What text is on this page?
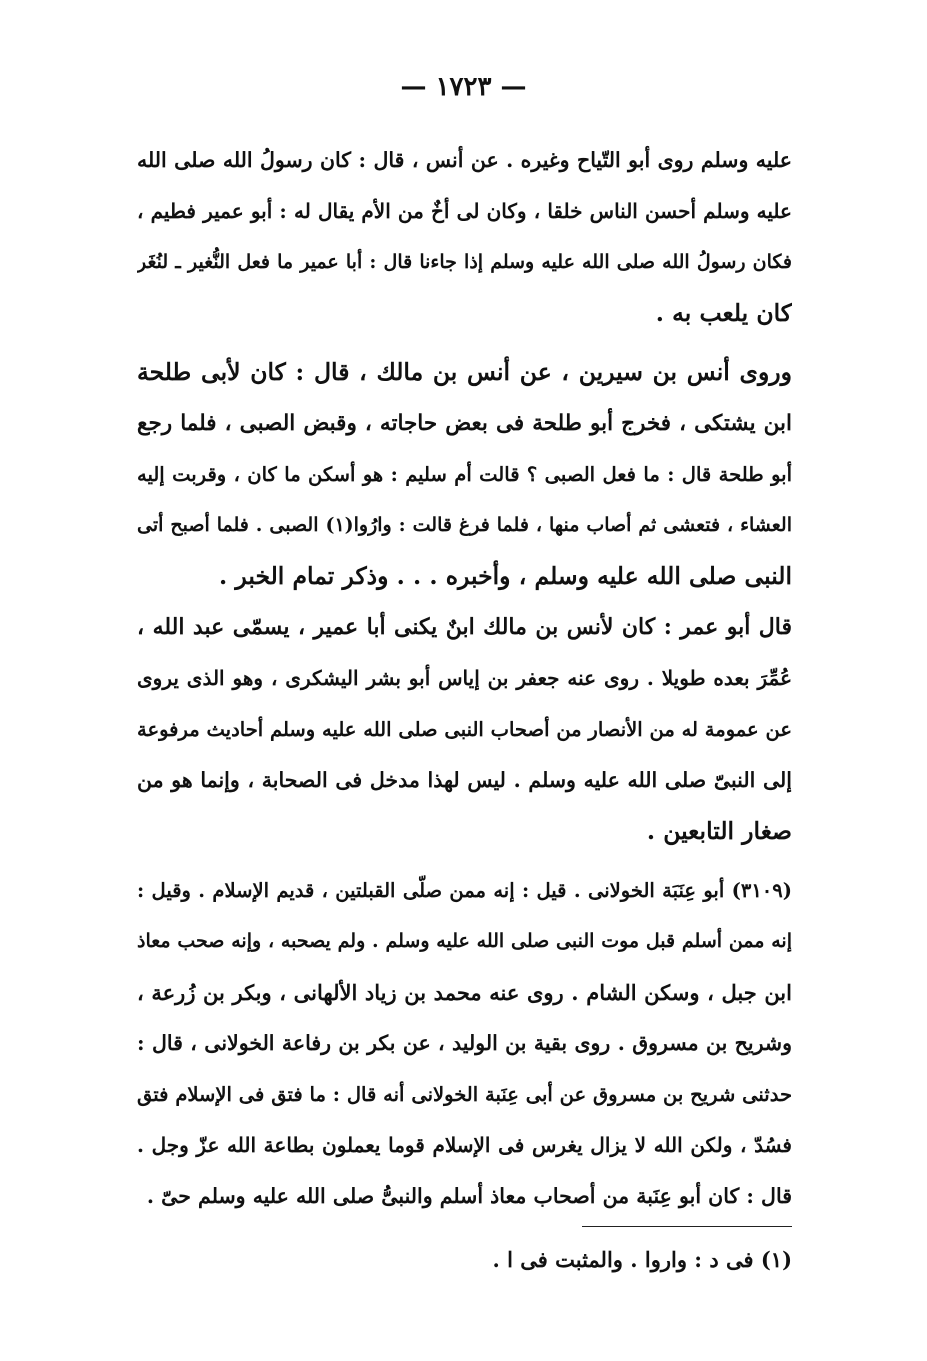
— ١٧٢٣ —
عليه وسلم روى أبو التّياح وغيره . عن أنس ، قال : كان رسولُ الله صلى الله
عليه وسلم أحسن الناس خلقا ، وكان لى أخٌ من الأم يقال له : أبو عمير فطيم ،
فكان رسولُ الله صلى الله عليه وسلم إذا جاءنا قال : أبا عمير ما فعل النُّغير ـ لنُغَر
كان يلعب به .
وروى أنس بن سيرين ، عن أنس بن مالك ، قال : كان لأبى طلحة
ابن يشتكى ، فخرج أبو طلحة فى بعض حاجاته ، وقبض الصبى ، فلما رجع
أبو طلحة قال : ما فعل الصبى ؟ قالت أم سليم : هو أسكن ما كان ، وقربت إليه
العشاء ، فتعشى ثم أصاب منها ، فلما فرغ قالت : وارُوا(١) الصبى . فلما أصبح أتى
النبى صلى الله عليه وسلم ، وأخبره . . . وذكر تمام الخبر .
قال أبو عمر : كان لأنس بن مالك ابنٌ يكنى أبا عمير ، يسمّى عبد الله ،
عُمِّرَ بعده طويلا . روى عنه جعفر بن إياس أبو بشر اليشكرى ، وهو الذى يروى
عن عمومة له من الأنصار من أصحاب النبى صلى الله عليه وسلم أحاديث مرفوعة
إلى النبىّ صلى الله عليه وسلم . ليس لهذا مدخل فى الصحابة ، وإنما هو من
صغار التابعين .
(٣١٠٩) أبو عِنَبَة الخولانى . قيل : إنه ممن صلّى القبلتين ، قديم الإسلام . وقيل :
إنه ممن أسلم قبل موت النبى صلى الله عليه وسلم . ولم يصحبه ، وإنه صحب معاذ
ابن جبل ، وسكن الشام . روى عنه محمد بن زياد الألهانى ، وبكر بن زُرعة ،
وشريح بن مسروق . روى بقية بن الوليد ، عن بكر بن رفاعة الخولانى ، قال :
حدثنى شريح بن مسروق عن أبى عِنَبة الخولانى أنه قال : ما فتق فى الإسلام فتق
فسُدّ ، ولكن الله لا يزال يغرس فى الإسلام قوما يعملون بطاعة الله عزّ وجل .
قال : كان أبو عِنَبة من أصحاب معاذ أسلم والنبىُّ صلى الله عليه وسلم حىّ .
(١) فى د : واروا . والمثبت فى ا .
